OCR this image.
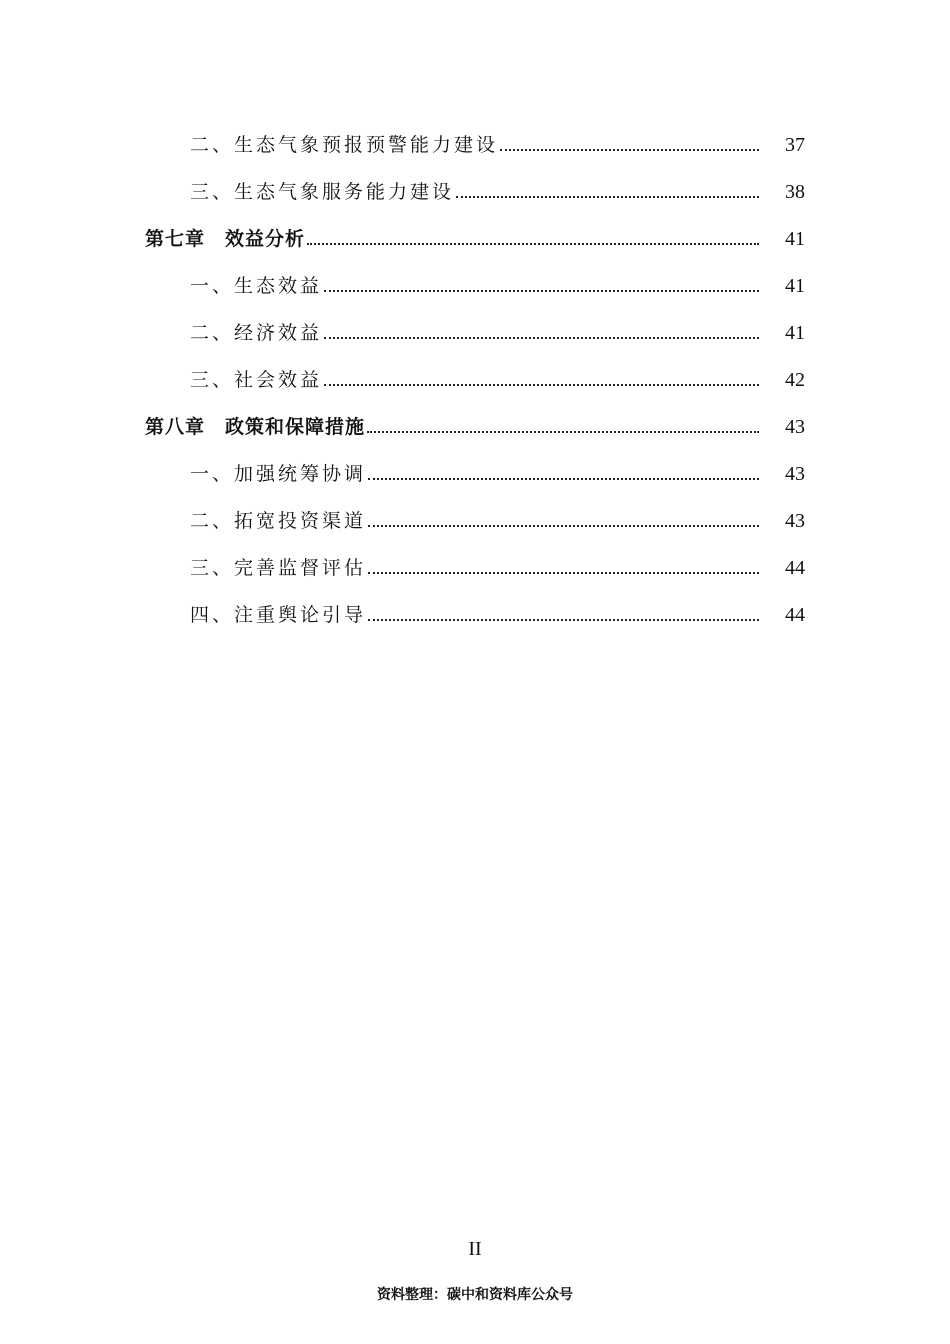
二、生态气象预报预警能力建设	37
三、生态气象服务能力建设	38
第七章　效益分析	41
一、生态效益	41
二、经济效益	41
三、社会效益	42
第八章　政策和保障措施	43
一、加强统筹协调	43
二、拓宽投资渠道	43
三、完善监督评估	44
四、注重舆论引导	44
II
资料整理：碳中和资料库公众号
